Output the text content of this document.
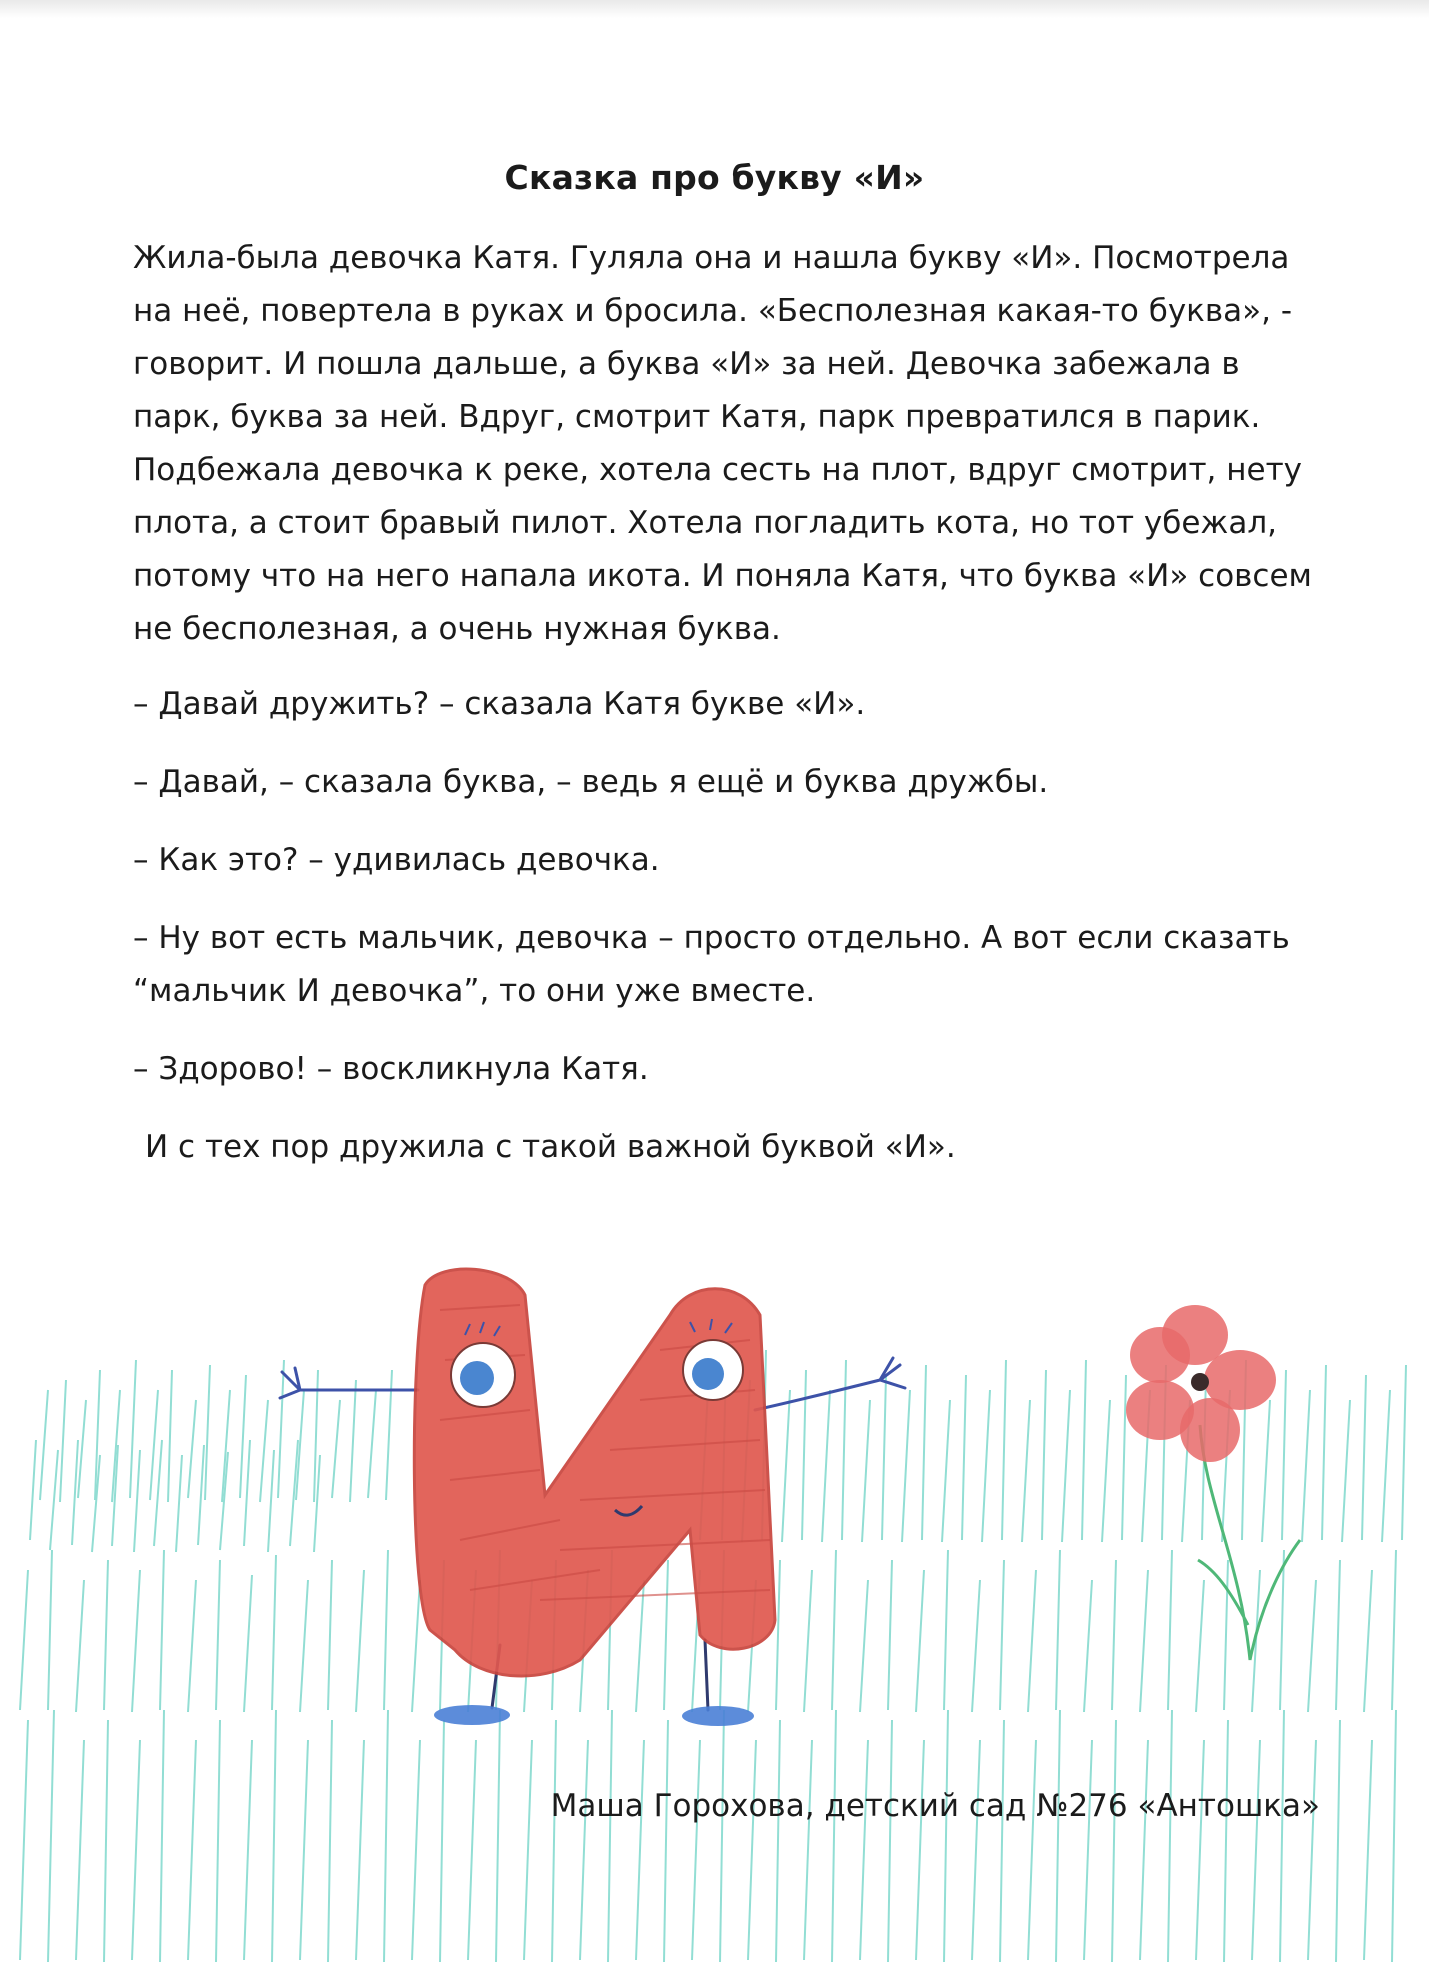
Сказка про букву «И»

Жила-была девочка Катя. Гуляла она и нашла букву «И». Посмотрела на неё, повертела в руках и бросила. «Бесполезная какая-то буква», - говорит. И пошла дальше, а буква «И» за ней. Девочка забежала в парк, буква за ней. Вдруг, смотрит Катя, парк превратился в парик. Подбежала девочка к реке, хотела сесть на плот, вдруг смотрит, нету плота, а стоит бравый пилот. Хотела погладить кота, но тот убежал, потому что на него напала икота. И поняла Катя, что буква «И» совсем не бесполезная, а очень нужная буква.

– Давай дружить? – сказала Катя букве «И».

– Давай, – сказала буква, – ведь я ещё и буква дружбы.

– Как это? – удивилась девочка.

– Ну вот есть мальчик, девочка – просто отдельно. А вот если сказать “мальчик И девочка”, то они уже вместе.

– Здорово! – воскликнула Катя.

И с тех пор дружила с такой важной буквой «И».

Маша Горохова, детский сад №276 «Антошка»
